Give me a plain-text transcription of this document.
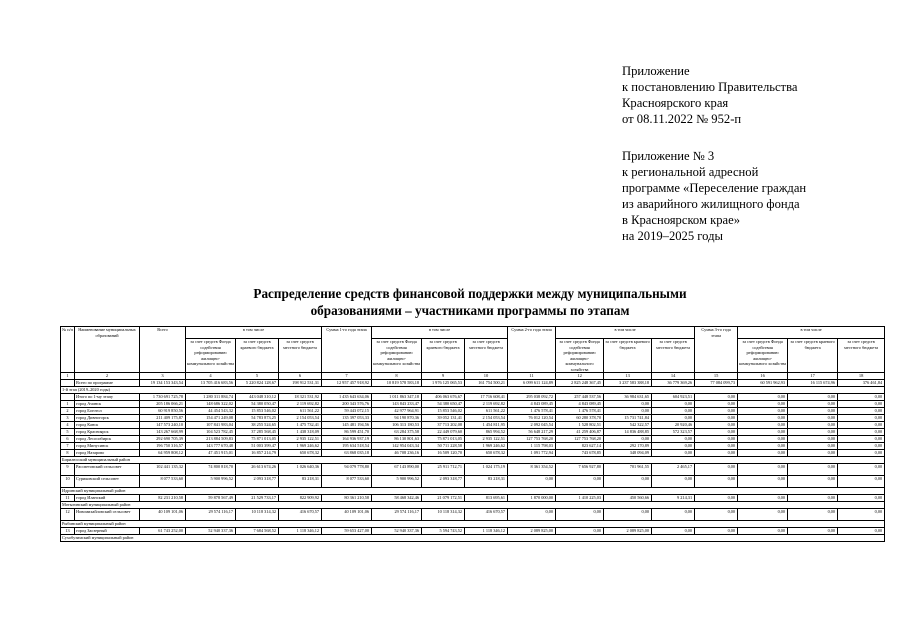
Приложение
к постановлению Правительства
Красноярского края
от 08.11.2022 № 952-п
Приложение № 3
к региональной адресной
программе «Переселение граждан
из аварийного жилищного фонда
в Красноярском крае»
на 2019–2025 годы
Распределение средств финансовой поддержки между муниципальными
образованиями – участниками программы по этапам
№ п/п	Наименование муниципальных образований	Всего	в том числе			Сумма 1-го года этапа	в том числе			Сумма 2-го года этапа	в том числе			Сумма 3-го года этапа	в том числе		
			за счет средств Фонда содействия реформированию жилищно-коммунального хозяйства	за счет средств краевого бюджета	за счет средств местного бюджета		за счет средств Фонда содействия реформированию жилищно-коммунального хозяйства	за счет средств краевого бюджета	за счет средств местного бюджета		за счет средств Фонда содействия реформированию жилищно-коммунального хозяйства	за счет средств краевого бюджета	за счет средств местного бюджета		за счет средств Фонда содействия реформированию жилищно-коммунального хозяйства	за счет средств краевого бюджета	за счет средств местного бюджета
1	2	3	4	5	6	7	8	9	10	11	12	13	14	15	16	17	18
	Всего по программе	19 134 153 343,54	13 705 416 683,56	5 220 824 128,67	198 912 531,31	12 957 457 918,92	10 819 578 583,18	1 976 125 065,53	161 754 500,21	6 099 611 124,89	2 825 248 367,45	3 237 583 388,18	36 779 369,26	77 084 099,73	60 591 962,93	16 115 674,96	376 461,84
1-й этап (2019–2020 годы)																	
	Итого по 1-му этапу	1 730 691 725,78	1 280 311 884,74	443 048 310,12	18 321 531,92	1 435 643 634,06	1 011 863 347,18	406 063 676,67	17 716 608,41	295 038 092,72	257 448 537,56	36 984 631,65	604 923,51	0,00	0,00	0,00	0,00
1	город Ачинск	205 186 066,21	148 686 322,02	54 380 050,47	2 119 692,82	200 343 576,76	143 843 233,47	54 380 650,47	2 119 692,82	4 843 089,45	4 843 089,45	0,00	0,00	0,00	0,00	0,00	0,00
2	город Боготол	60 919 850,56	44 454 543,32	15 853 546,02	611 561,22	59 443 072,15	42 977 964,91	15 853 546,02	611 561,22	1 476 578,41	1 476 578,41	0,00	0,00	0,00	0,00	0,00	0,00
3	город Дивногорск	211 409 175,87	154 471 249,08	54 783 873,25	2 154 053,54	135 397 053,33	94 190 870,36	39 052 131,41	2 154 053,54	76 012 120,54	60 280 378,70	15 731 741,84	0,00	0,00	0,00	0,00	0,00
4	город Канск	147 573 240,10	107 841 983,04	38 255 524,65	1 475 732,41	145 481 194,56	106 313 180,53	37 713 202,08	1 454 811,95	2 092 045,54	1 528 802,51	542 322,57	20 920,46	0,00	0,00	0,00	0,00
5	город Красноярск	143 267 668,99	104 523 782,45	37 285 568,45	1 438 318,09	86 599 451,70	63 284 375,58	22 449 079,60	865 994,52	56 648 217,29	41 259 406,87	14 836 488,85	572 323,57	0,00	0,00	0,00	0,00
6	город Лесосибирск	292 690 705,39	213 884 509,83	75 871 013,05	2 935 122,51	164 936 937,19	86 130 801,63	75 871 013,05	2 935 122,51	127 753 768,20	127 753 768,20	0,00	0,00	0,00	0,00	0,00	0,00
7	город Минусинск	196 750 316,57	143 777 670,48	51 003 399,47	1 969 246,62	195 634 518,54	142 954 043,34	50 711 228,58	1 969 246,62	1 115 798,03	823 627,14	292 170,89	0,00	0,00	0,00	0,00	0,00
8	город Назарово	64 959 808,12	47 451 915,01	16 857 214,79	650 678,32	63 868 035,18	46 708 236,16	16 509 120,70	650 678,32	1 091 772,94	743 678,85	348 094,09	0,00	0,00	0,00	0,00	0,00
Бирилюсский муниципальный район																	
9	Рассветовский сельсовет	102 441 135,32	74 800 818,70	26 613 674,26	1 026 640,36	94 079 778,80	67 143 890,00	25 911 712,71	1 024 175,19	8 361 354,52	7 656 927,80	701 961,55	2 465,17	0,00	0,00	0,00	0,00
10	Суриковский сельсовет	8 077 533,60	5 900 996,52	2 093 318,77	83 218,31	8 077 533,60	5 900 996,52	2 093 318,77	83 218,31	0,00	0,00	0,00	0,00	0,00	0,00	0,00	0,00
Идринский муниципальный район																	
11	город Иланский	82 231 210,58	59 878 567,49	21 529 733,17	822 909,92	80 361 210,58	58 468 342,46	21 079 172,51	813 695,61	1 870 000,00	1 410 225,03	450 560,66	9 214,31	0,00	0,00	0,00	0,00
Мотыгинский муниципальный район																	
12	Новомихайловский сельсовет	40 109 101,06	29 574 116,17	10 118 314,32	416 670,57	40 109 101,06	29 574 116,17	10 118 314,32	416 670,57	0,00	0,00	0,00	0,00	0,00	0,00	0,00	0,00
Рыбинский муниципальный район																	
13	город Заозерный	61 743 252,00	52 940 337,36	7 684 568,52	1 118 346,12	59 653 427,00	52 940 337,36	5 594 743,52	1 118 346,12	2 089 825,00	0,00	2 089 825,00	0,00	0,00	0,00	0,00	0,00
Сухобузимский муниципальный район																	
